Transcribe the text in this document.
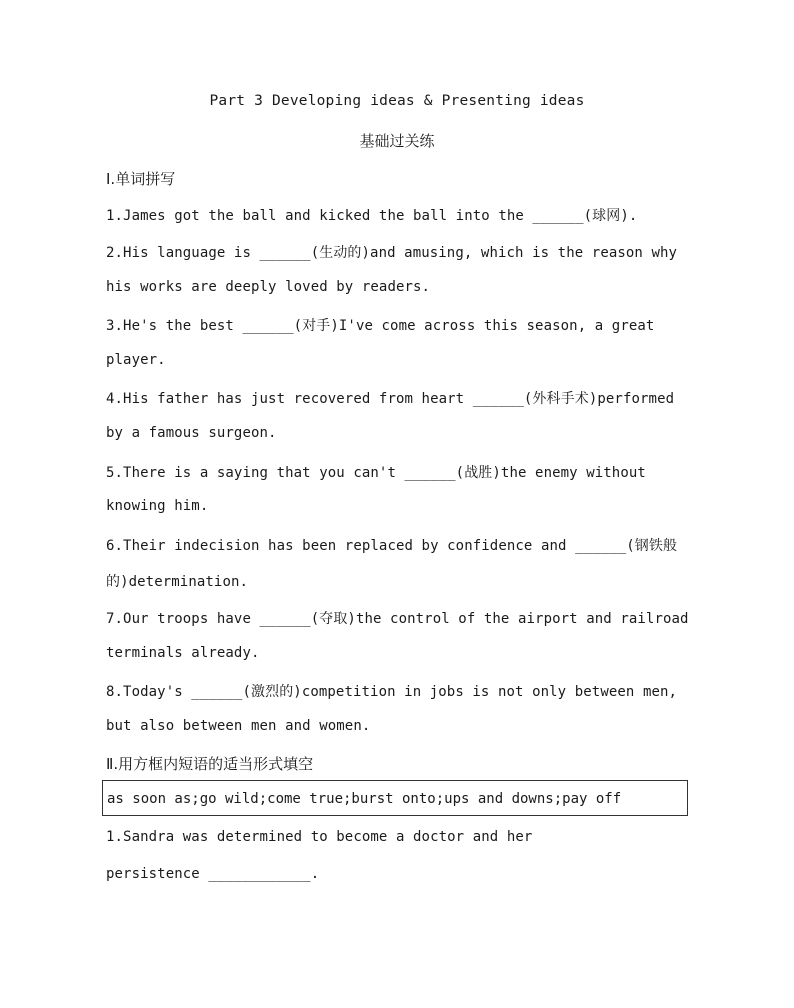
Part 3 Developing ideas & Presenting ideas
基础过关练
Ⅰ.单词拼写
1.James got the ball and kicked the ball into the ______(球网).
2.His language is ______(生动的)and amusing, which is the reason why
his works are deeply loved by readers.
3.He's the best ______(对手)I've come across this season, a great
player.
4.His father has just recovered from heart ______(外科手术)performed
by a famous surgeon.
5.There is a saying that you can't ______(战胜)the enemy without
knowing him.
6.Their indecision has been replaced by confidence and ______(钢铁般
的)determination.
7.Our troops have ______(夺取)the control of the airport and railroad
terminals already.
8.Today's ______(激烈的)competition in jobs is not only between men,
but also between men and women.
Ⅱ.用方框内短语的适当形式填空
as soon as;go wild;come true;burst onto;ups and downs;pay off
1.Sandra was determined to become a doctor and her
persistence ____________.
